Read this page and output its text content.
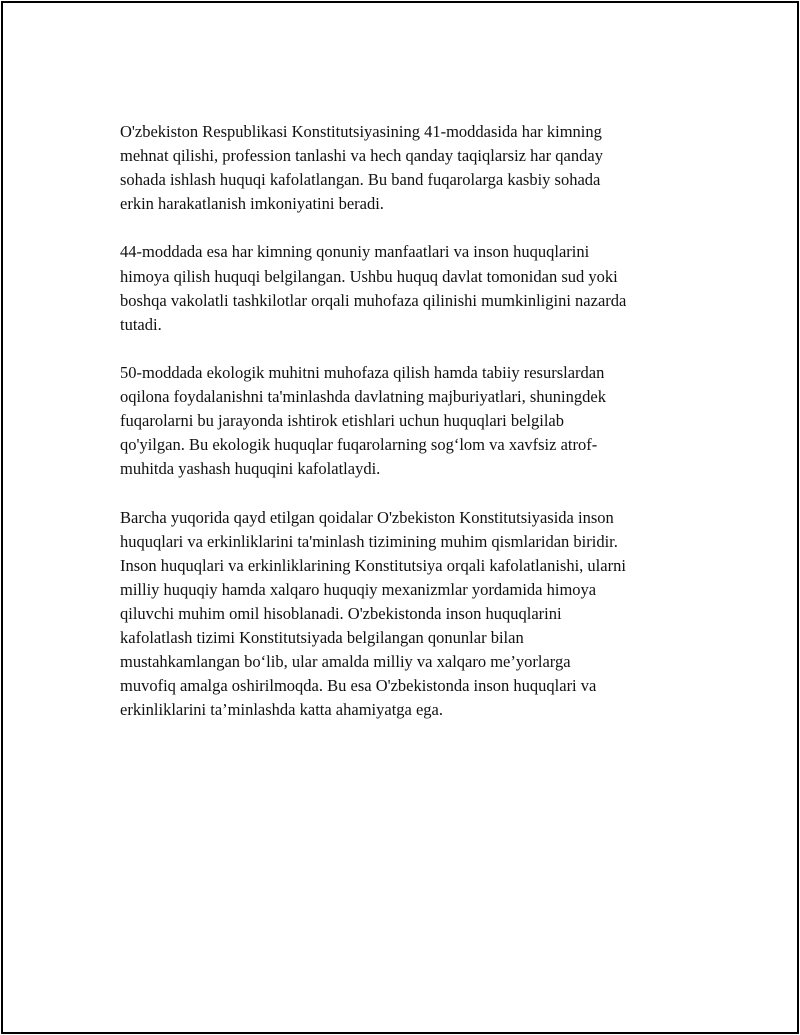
O'zbekiston Respublikasi Konstitutsiyasining 41-moddasida har kimning
mehnat qilishi, profession tanlashi va hech qanday taqiqlarsiz har qanday
sohada ishlash huquqi kafolatlangan. Bu band fuqarolarga kasbiy sohada
erkin harakatlanish imkoniyatini beradi.

44-moddada esa har kimning qonuniy manfaatlari va inson huquqlarini
himoya qilish huquqi belgilangan. Ushbu huquq davlat tomonidan sud yoki
boshqa vakolatli tashkilotlar orqali muhofaza qilinishi mumkinligini nazarda
tutadi.

50-moddada ekologik muhitni muhofaza qilish hamda tabiiy resurslardan
oqilona foydalanishni ta'minlashda davlatning majburiyatlari, shuningdek
fuqarolarni bu jarayonda ishtirok etishlari uchun huquqlari belgilab
qo'yilgan. Bu ekologik huquqlar fuqarolarning sog‘lom va xavfsiz atrof-
muhitda yashash huquqini kafolatlaydi.

Barcha yuqorida qayd etilgan qoidalar O'zbekiston Konstitutsiyasida inson
huquqlari va erkinliklarini ta'minlash tizimining muhim qismlaridan biridir.
Inson huquqlari va erkinliklarining Konstitutsiya orqali kafolatlanishi, ularni
milliy huquqiy hamda xalqaro huquqiy mexanizmlar yordamida himoya
qiluvchi muhim omil hisoblanadi. O'zbekistonda inson huquqlarini
kafolatlash tizimi Konstitutsiyada belgilangan qonunlar bilan
mustahkamlangan bo‘lib, ular amalda milliy va xalqaro me’yorlarga
muvofiq amalga oshirilmoqda. Bu esa O'zbekistonda inson huquqlari va
erkinliklarini ta’minlashda katta ahamiyatga ega.
